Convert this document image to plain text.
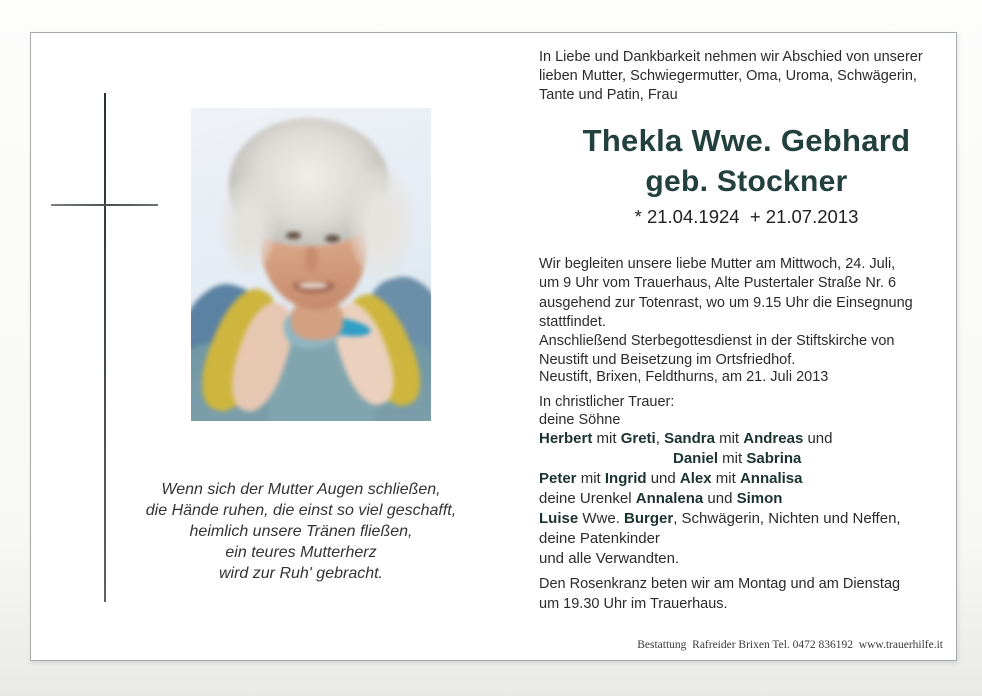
Wenn sich der Mutter Augen schließen,
die Hände ruhen, die einst so viel geschafft,
heimlich unsere Tränen fließen,
ein teures Mutterherz
wird zur Ruh' gebracht.
In Liebe und Dankbarkeit nehmen wir Abschied von unserer
lieben Mutter, Schwiegermutter, Oma, Uroma, Schwägerin,
Tante und Patin, Frau
Thekla Wwe. Gebhard
geb. Stockner
* 21.04.1924  + 21.07.2013
Wir begleiten unsere liebe Mutter am Mittwoch, 24. Juli,
um 9 Uhr vom Trauerhaus, Alte Pustertaler Straße Nr. 6
ausgehend zur Totenrast, wo um 9.15 Uhr die Einsegnung
stattfindet.
Anschließend Sterbegottesdienst in der Stiftskirche von
Neustift und Beisetzung im Ortsfriedhof.
Neustift, Brixen, Feldthurns, am 21. Juli 2013
In christlicher Trauer:
deine Söhne
Herbert mit Greti, Sandra mit Andreas und
Daniel mit Sabrina
Peter mit Ingrid und Alex mit Annalisa
deine Urenkel Annalena und Simon
Luise Wwe. Burger, Schwägerin, Nichten und Neffen,
deine Patenkinder
und alle Verwandten.
Den Rosenkranz beten wir am Montag und am Dienstag
um 19.30 Uhr im Trauerhaus.
Bestattung  Rafreider Brixen Tel. 0472 836192  www.trauerhilfe.it
